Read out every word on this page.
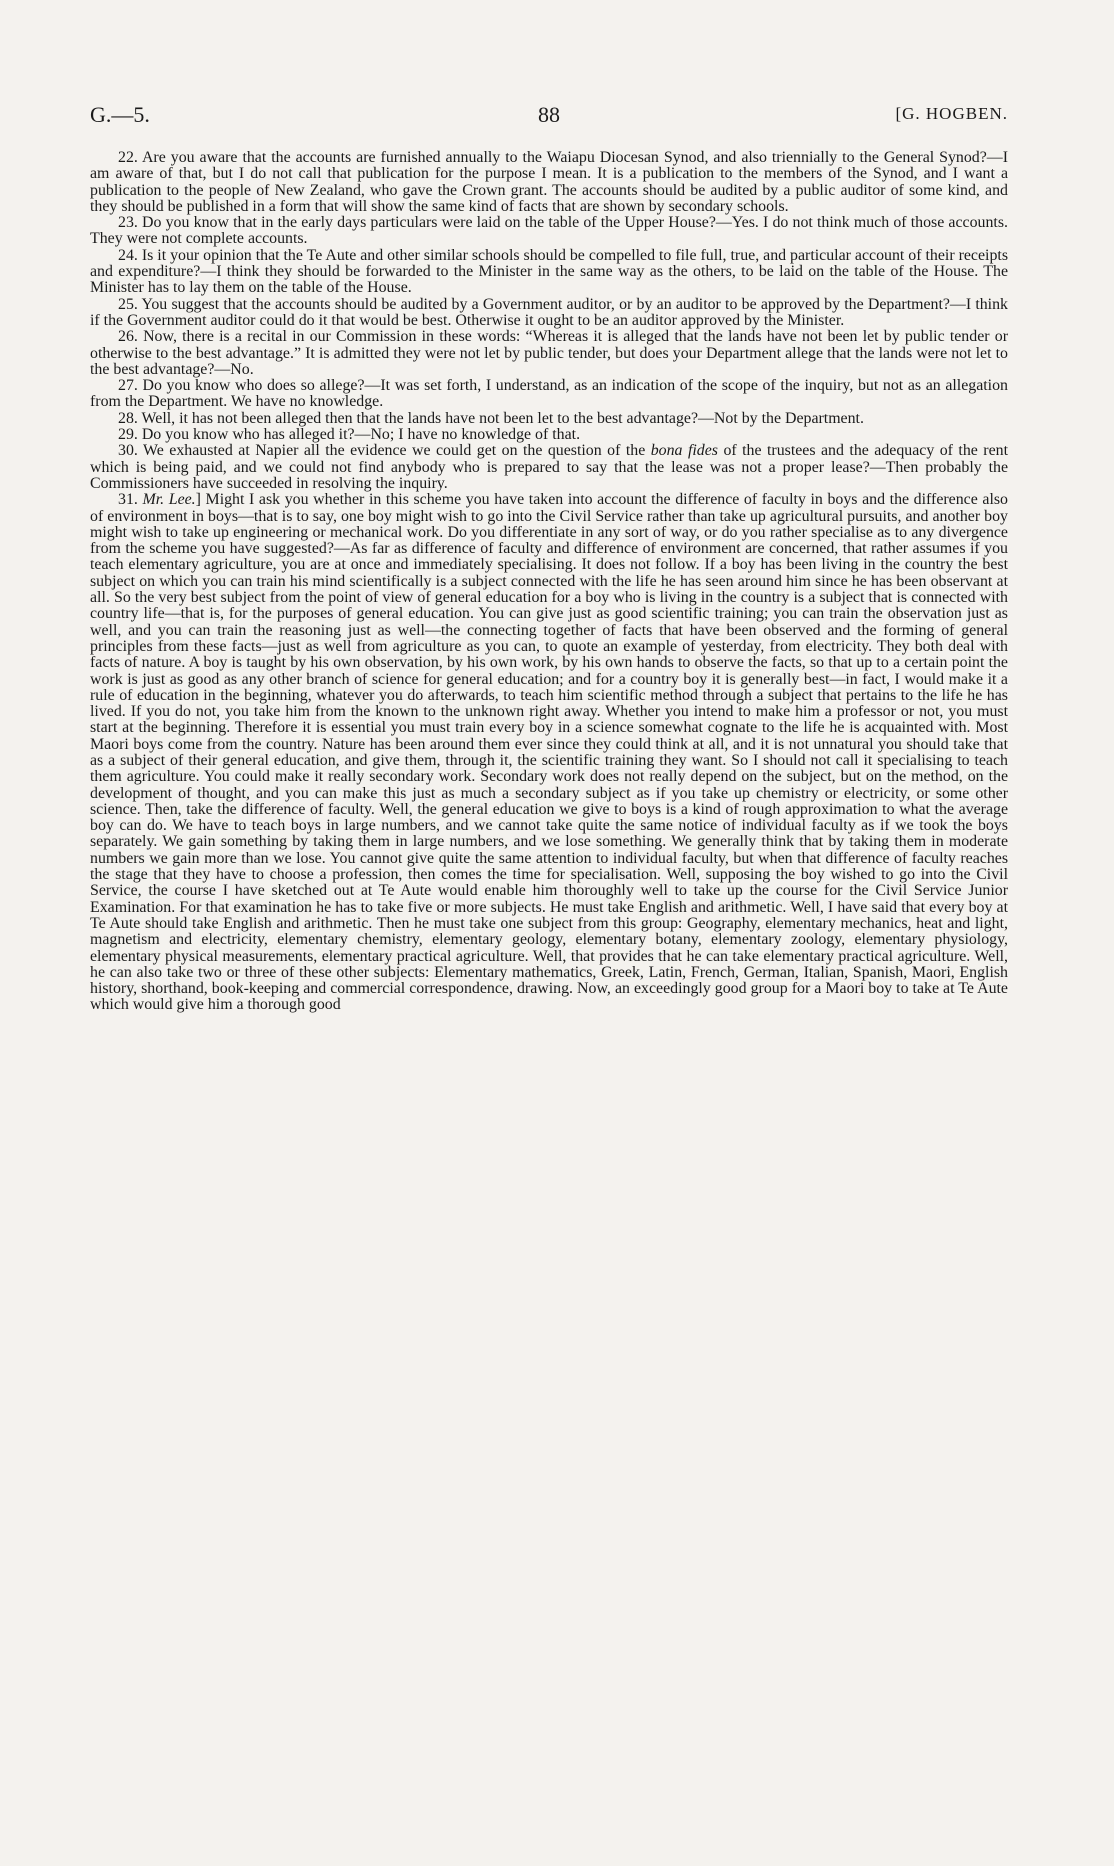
G.—5.	88	[G. HOGBEN.

22. Are you aware that the accounts are furnished annually to the Waiapu Diocesan Synod, and also triennially to the General Synod?—I am aware of that, but I do not call that publication for the purpose I mean. It is a publication to the members of the Synod, and I want a publication to the people of New Zealand, who gave the Crown grant. The accounts should be audited by a public auditor of some kind, and they should be published in a form that will show the same kind of facts that are shown by secondary schools.

23. Do you know that in the early days particulars were laid on the table of the Upper House?—Yes. I do not think much of those accounts. They were not complete accounts.

24. Is it your opinion that the Te Aute and other similar schools should be compelled to file full, true, and particular account of their receipts and expenditure?—I think they should be forwarded to the Minister in the same way as the others, to be laid on the table of the House. The Minister has to lay them on the table of the House.

25. You suggest that the accounts should be audited by a Government auditor, or by an auditor to be approved by the Department?—I think if the Government auditor could do it that would be best. Otherwise it ought to be an auditor approved by the Minister.

26. Now, there is a recital in our Commission in these words: “Whereas it is alleged that the lands have not been let by public tender or otherwise to the best advantage.” It is admitted they were not let by public tender, but does your Department allege that the lands were not let to the best advantage?—No.

27. Do you know who does so allege?—It was set forth, I understand, as an indication of the scope of the inquiry, but not as an allegation from the Department. We have no knowledge.

28. Well, it has not been alleged then that the lands have not been let to the best advantage?—Not by the Department.

29. Do you know who has alleged it?—No; I have no knowledge of that.

30. We exhausted at Napier all the evidence we could get on the question of the bona fides of the trustees and the adequacy of the rent which is being paid, and we could not find anybody who is prepared to say that the lease was not a proper lease?—Then probably the Commissioners have succeeded in resolving the inquiry.

31. Mr. Lee.] Might I ask you whether in this scheme you have taken into account the difference of faculty in boys and the difference also of environment in boys—that is to say, one boy might wish to go into the Civil Service rather than take up agricultural pursuits, and another boy might wish to take up engineering or mechanical work. Do you differentiate in any sort of way, or do you rather specialise as to any divergence from the scheme you have suggested?—As far as difference of faculty and difference of environment are concerned, that rather assumes if you teach elementary agriculture, you are at once and immediately specialising. It does not follow. If a boy has been living in the country the best subject on which you can train his mind scientifically is a subject connected with the life he has seen around him since he has been observant at all. So the very best subject from the point of view of general education for a boy who is living in the country is a subject that is connected with country life—that is, for the purposes of general education. You can give just as good scientific training; you can train the observation just as well, and you can train the reasoning just as well—the connecting together of facts that have been observed and the forming of general principles from these facts—just as well from agriculture as you can, to quote an example of yesterday, from electricity. They both deal with facts of nature. A boy is taught by his own observation, by his own work, by his own hands to observe the facts, so that up to a certain point the work is just as good as any other branch of science for general education; and for a country boy it is generally best—in fact, I would make it a rule of education in the beginning, whatever you do afterwards, to teach him scientific method through a subject that pertains to the life he has lived. If you do not, you take him from the known to the unknown right away. Whether you intend to make him a professor or not, you must start at the beginning. Therefore it is essential you must train every boy in a science somewhat cognate to the life he is acquainted with. Most Maori boys come from the country. Nature has been around them ever since they could think at all, and it is not unnatural you should take that as a subject of their general education, and give them, through it, the scientific training they want. So I should not call it specialising to teach them agriculture. You could make it really secondary work. Secondary work does not really depend on the subject, but on the method, on the development of thought, and you can make this just as much a secondary subject as if you take up chemistry or electricity, or some other science. Then, take the difference of faculty. Well, the general education we give to boys is a kind of rough approximation to what the average boy can do. We have to teach boys in large numbers, and we cannot take quite the same notice of individual faculty as if we took the boys separately. We gain something by taking them in large numbers, and we lose something. We generally think that by taking them in moderate numbers we gain more than we lose. You cannot give quite the same attention to individual faculty, but when that difference of faculty reaches the stage that they have to choose a profession, then comes the time for specialisation. Well, supposing the boy wished to go into the Civil Service, the course I have sketched out at Te Aute would enable him thoroughly well to take up the course for the Civil Service Junior Examination. For that examination he has to take five or more subjects. He must take English and arithmetic. Well, I have said that every boy at Te Aute should take English and arithmetic. Then he must take one subject from this group: Geography, elementary mechanics, heat and light, magnetism and electricity, elementary chemistry, elementary geology, elementary botany, elementary zoology, elementary physiology, elementary physical measurements, elementary practical agriculture. Well, that provides that he can take elementary practical agriculture. Well, he can also take two or three of these other subjects: Elementary mathematics, Greek, Latin, French, German, Italian, Spanish, Maori, English history, shorthand, book-keeping and commercial correspondence, drawing. Now, an exceedingly good group for a Maori boy to take at Te Aute which would give him a thorough good
